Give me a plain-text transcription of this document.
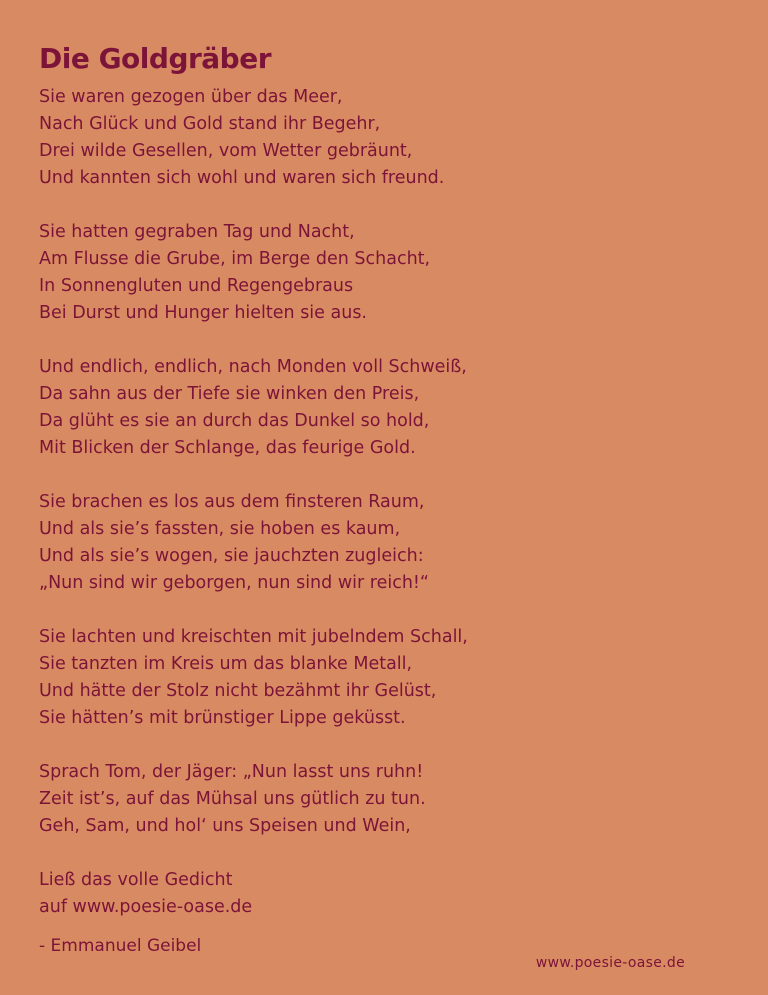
Die Goldgräber
Sie waren gezogen über das Meer,
Nach Glück und Gold stand ihr Begehr,
Drei wilde Gesellen, vom Wetter gebräunt,
Und kannten sich wohl und waren sich freund.
Sie hatten gegraben Tag und Nacht,
Am Flusse die Grube, im Berge den Schacht,
In Sonnengluten und Regengebraus
Bei Durst und Hunger hielten sie aus.
Und endlich, endlich, nach Monden voll Schweiß,
Da sahn aus der Tiefe sie winken den Preis,
Da glüht es sie an durch das Dunkel so hold,
Mit Blicken der Schlange, das feurige Gold.
Sie brachen es los aus dem finsteren Raum,
Und als sie’s fassten, sie hoben es kaum,
Und als sie’s wogen, sie jauchzten zugleich:
„Nun sind wir geborgen, nun sind wir reich!“
Sie lachten und kreischten mit jubelndem Schall,
Sie tanzten im Kreis um das blanke Metall,
Und hätte der Stolz nicht bezähmt ihr Gelüst,
Sie hätten’s mit brünstiger Lippe geküsst.
Sprach Tom, der Jäger: „Nun lasst uns ruhn!
Zeit ist’s, auf das Mühsal uns gütlich zu tun.
Geh, Sam, und hol‘ uns Speisen und Wein,
Ließ das volle Gedicht
auf www.poesie-oase.de
- Emmanuel Geibel
www.poesie-oase.de
